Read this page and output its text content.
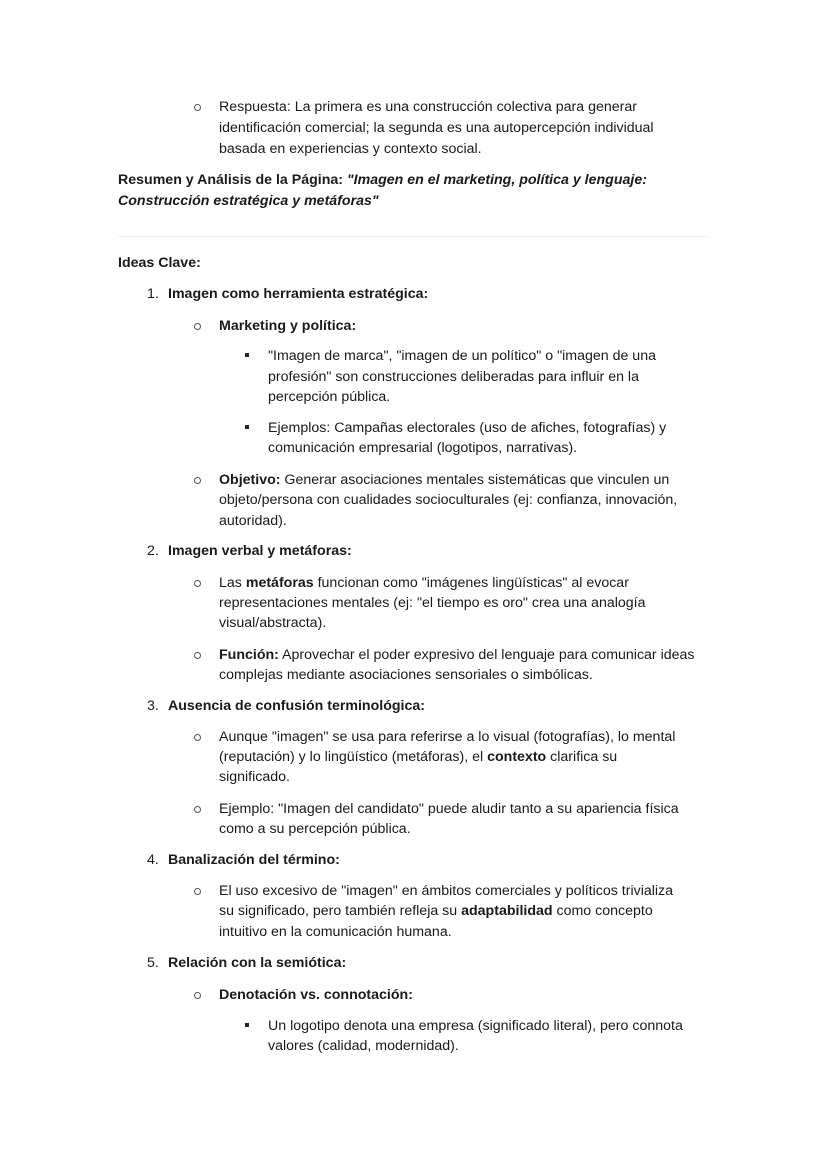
Respuesta: La primera es una construcción colectiva para generar
identificación comercial; la segunda es una autopercepción individual
basada en experiencias y contexto social.
Resumen y Análisis de la Página: "Imagen en el marketing, política y lenguaje:
Construcción estratégica y metáforas"
Ideas Clave:
1. Imagen como herramienta estratégica:
Marketing y política:
"Imagen de marca", "imagen de un político" o "imagen de una
profesión" son construcciones deliberadas para influir en la
percepción pública.
Ejemplos: Campañas electorales (uso de afiches, fotografías) y
comunicación empresarial (logotipos, narrativas).
Objetivo: Generar asociaciones mentales sistemáticas que vinculen un
objeto/persona con cualidades socioculturales (ej: confianza, innovación,
autoridad).
2. Imagen verbal y metáforas:
Las metáforas funcionan como "imágenes lingüísticas" al evocar
representaciones mentales (ej: "el tiempo es oro" crea una analogía
visual/abstracta).
Función: Aprovechar el poder expresivo del lenguaje para comunicar ideas
complejas mediante asociaciones sensoriales o simbólicas.
3. Ausencia de confusión terminológica:
Aunque "imagen" se usa para referirse a lo visual (fotografías), lo mental
(reputación) y lo lingüístico (metáforas), el contexto clarifica su
significado.
Ejemplo: "Imagen del candidato" puede aludir tanto a su apariencia física
como a su percepción pública.
4. Banalización del término:
El uso excesivo de "imagen" en ámbitos comerciales y políticos trivializa
su significado, pero también refleja su adaptabilidad como concepto
intuitivo en la comunicación humana.
5. Relación con la semiótica:
Denotación vs. connotación:
Un logotipo denota una empresa (significado literal), pero connota
valores (calidad, modernidad).
